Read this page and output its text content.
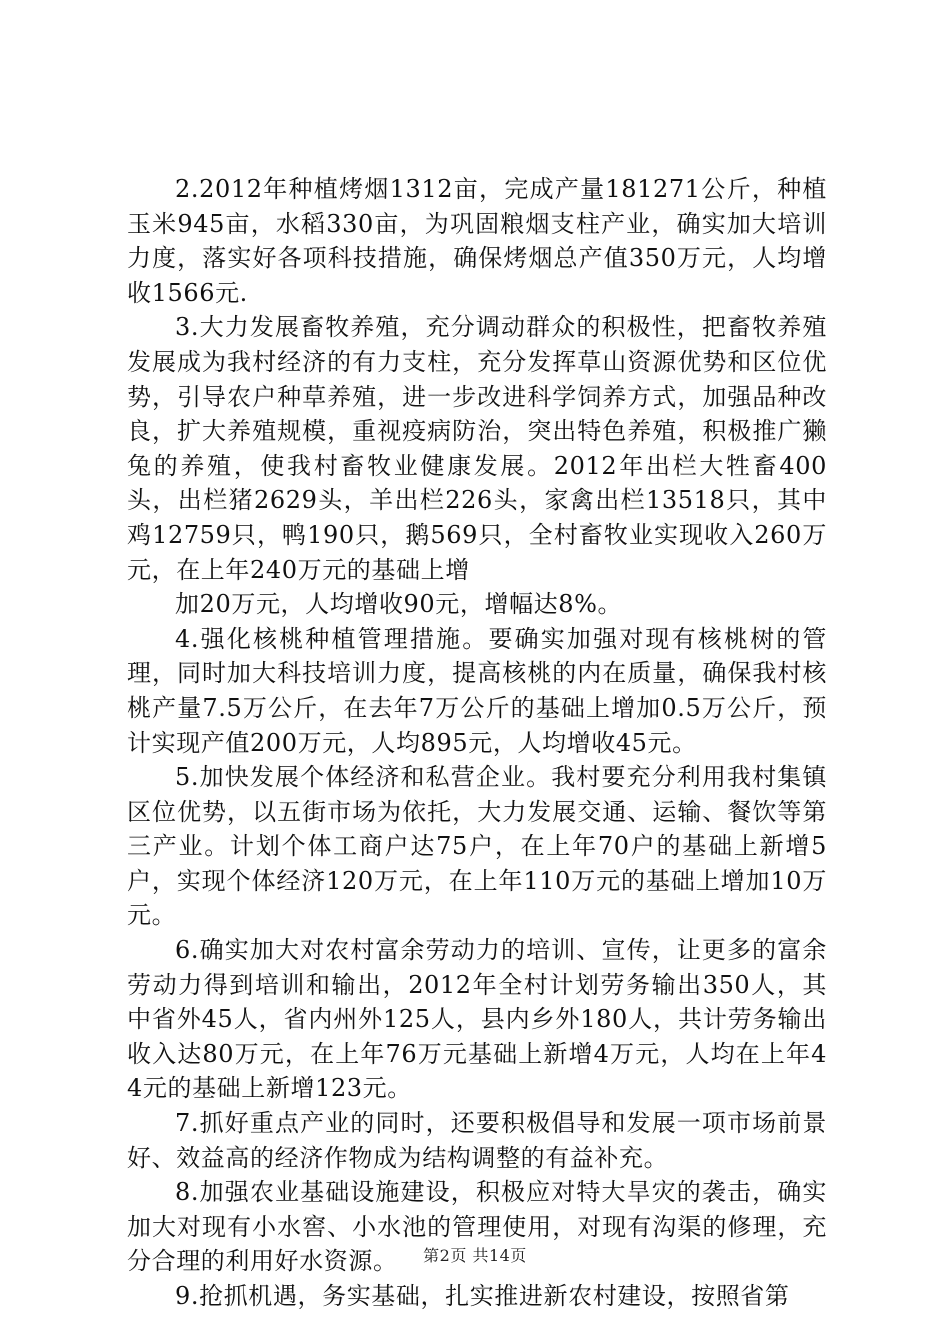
2.2012年种植烤烟1312亩，完成产量181271公斤，种植玉米945亩，水稻330亩，为巩固粮烟支柱产业，确实加大培训力度，落实好各项科技措施，确保烤烟总产值350万元，人均增收1566元.

3.大力发展畜牧养殖，充分调动群众的积极性，把畜牧养殖发展成为我村经济的有力支柱，充分发挥草山资源优势和区位优势，引导农户种草养殖，进一步改进科学饲养方式，加强品种改良，扩大养殖规模，重视疫病防治，突出特色养殖，积极推广獭兔的养殖，使我村畜牧业健康发展。2012年出栏大牲畜400头，出栏猪2629头，羊出栏226头，家禽出栏13518只，其中鸡12759只，鸭190只，鹅569只，全村畜牧业实现收入260万元，在上年240万元的基础上增

加20万元，人均增收90元，增幅达8%。

4.强化核桃种植管理措施。要确实加强对现有核桃树的管理，同时加大科技培训力度，提高核桃的内在质量，确保我村核桃产量7.5万公斤，在去年7万公斤的基础上增加0.5万公斤，预计实现产值200万元，人均895元，人均增收45元。

5.加快发展个体经济和私营企业。我村要充分利用我村集镇区位优势，以五街市场为依托，大力发展交通、运输、餐饮等第三产业。计划个体工商户达75户，在上年70户的基础上新增5户，实现个体经济120万元，在上年110万元的基础上增加10万元。

6.确实加大对农村富余劳动力的培训、宣传，让更多的富余劳动力得到培训和输出，2012年全村计划劳务输出350人，其中省外45人，省内州外125人，县内乡外180人，共计劳务输出收入达80万元，在上年76万元基础上新增4万元，人均在上年44元的基础上新增123元。

7.抓好重点产业的同时，还要积极倡导和发展一项市场前景好、效益高的经济作物成为结构调整的有益补充。

8.加强农业基础设施建设，积极应对特大旱灾的袭击，确实加大对现有小水窖、小水池的管理使用，对现有沟渠的修理，充分合理的利用好水资源。

9.抢抓机遇，务实基础，扎实推进新农村建设，按照省第

第2页 共14页
